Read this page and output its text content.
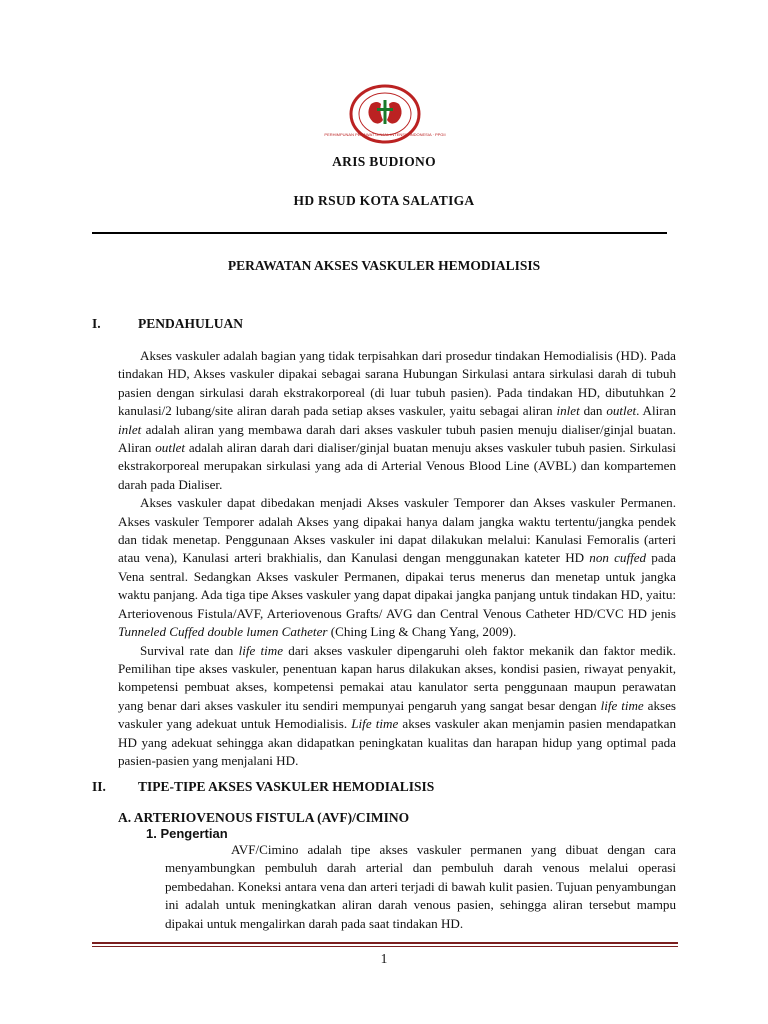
PERHIMPUNAN PERAWAT GINJAL INTENSIF INDONESIA · PPGII
ARIS BUDIONO
HD RSUD KOTA SALATIGA
PERAWATAN AKSES VASKULER HEMODIALISIS
I.	PENDAHULUAN

Akses vaskuler adalah bagian yang tidak terpisahkan dari prosedur tindakan Hemodialisis (HD). Pada tindakan HD, Akses vaskuler dipakai sebagai sarana Hubungan Sirkulasi antara sirkulasi darah di tubuh pasien dengan sirkulasi darah ekstrakorporeal (di luar tubuh pasien). Pada tindakan HD, dibutuhkan 2 kanulasi/2 lubang/site aliran darah pada setiap akses vaskuler, yaitu sebagai aliran inlet dan outlet. Aliran inlet adalah aliran yang membawa darah dari akses vaskuler tubuh pasien menuju dialiser/ginjal buatan. Aliran outlet adalah aliran darah dari dialiser/ginjal buatan menuju akses vaskuler tubuh pasien. Sirkulasi ekstrakorporeal merupakan sirkulasi yang ada di Arterial Venous Blood Line (AVBL) dan kompartemen darah pada Dialiser.

Akses vaskuler dapat dibedakan menjadi Akses vaskuler Temporer dan Akses vaskuler Permanen. Akses vaskuler Temporer adalah Akses yang dipakai hanya dalam jangka waktu tertentu/jangka pendek dan tidak menetap. Penggunaan Akses vaskuler ini dapat dilakukan melalui: Kanulasi Femoralis (arteri atau vena), Kanulasi arteri brakhialis, dan Kanulasi dengan menggunakan kateter HD non cuffed pada Vena sentral. Sedangkan Akses vaskuler Permanen, dipakai terus menerus dan menetap untuk jangka waktu panjang. Ada tiga tipe Akses vaskuler yang dapat dipakai jangka panjang untuk tindakan HD, yaitu: Arteriovenous Fistula/AVF, Arteriovenous Grafts/ AVG dan Central Venous Catheter HD/CVC HD jenis Tunneled Cuffed double lumen Catheter (Ching Ling & Chang Yang, 2009).

Survival rate dan life time dari akses vaskuler dipengaruhi oleh faktor mekanik dan faktor medik. Pemilihan tipe akses vaskuler, penentuan kapan harus dilakukan akses, kondisi pasien, riwayat penyakit, kompetensi pembuat akses, kompetensi pemakai atau kanulator serta penggunaan maupun perawatan yang benar dari akses vaskuler itu sendiri mempunyai pengaruh yang sangat besar dengan life time akses vaskuler yang adekuat untuk Hemodialisis. Life time akses vaskuler akan menjamin pasien mendapatkan HD yang adekuat sehingga akan didapatkan peningkatan kualitas dan harapan hidup yang optimal pada pasien-pasien yang menjalani HD.

II. TIPE-TIPE AKSES VASKULER HEMODIALISIS
A. ARTERIOVENOUS FISTULA (AVF)/CIMINO
1. Pengertian

AVF/Cimino adalah tipe akses vaskuler permanen yang dibuat dengan cara menyambungkan pembuluh darah arterial dan pembuluh darah venous melalui operasi pembedahan. Koneksi antara vena dan arteri terjadi di bawah kulit pasien. Tujuan penyambungan ini adalah untuk meningkatkan aliran darah venous pasien, sehingga aliran tersebut mampu dipakai untuk mengalirkan darah pada saat tindakan HD.

1
